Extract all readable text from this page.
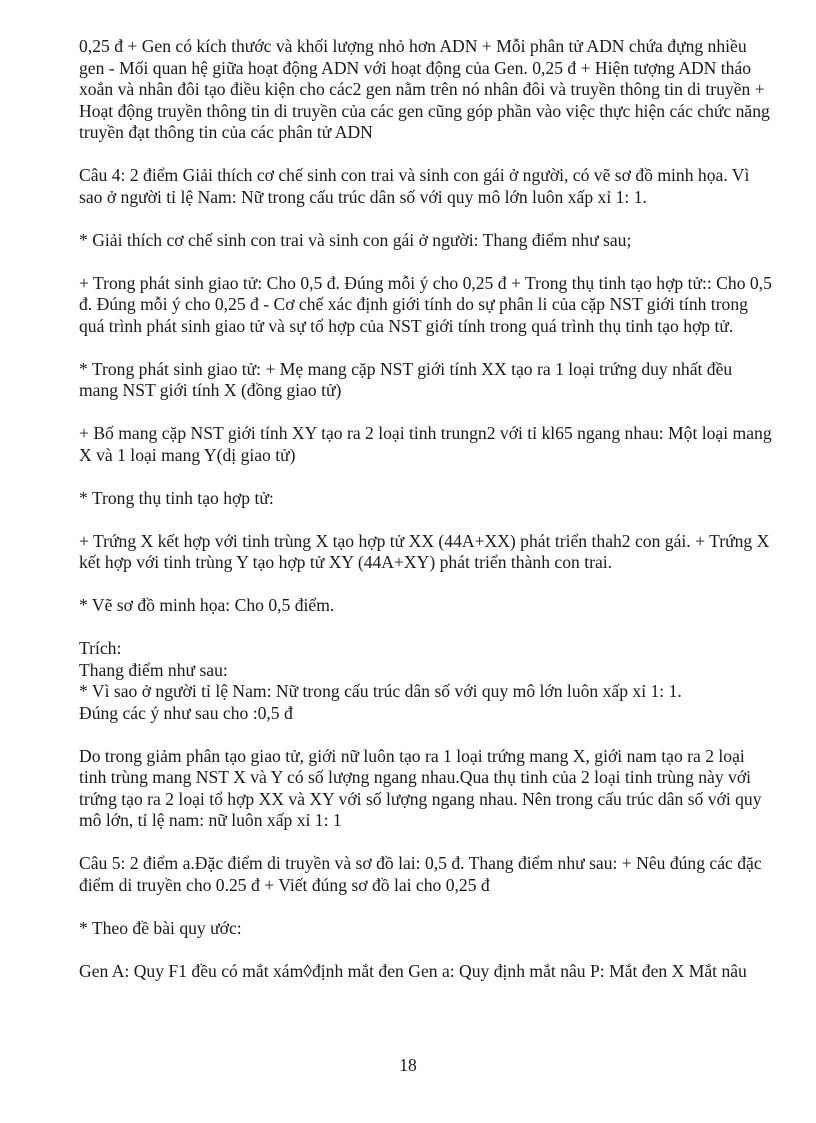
0,25 đ + Gen có kích thước và khối lượng nhỏ hơn ADN + Mỗi phân tử ADN chứa đựng nhiều gen - Mối quan hệ giữa hoạt động ADN với hoạt động của Gen. 0,25 đ + Hiện tượng ADN tháo xoắn và nhân đôi tạo điều kiện cho các2 gen nằm trên nó nhân đôi và truyền thông tin di truyền + Hoạt động truyền thông tin di truyền của các gen cũng góp phần vào việc thực hiện các chức năng truyền đạt thông tin của các phân tử ADN

Câu 4: 2 điểm Giải thích cơ chế sinh con trai và sinh con gái ở người, có vẽ sơ đồ minh họa. Vì sao ở người tỉ lệ Nam: Nữ trong cấu trúc dân số với quy mô lớn luôn xấp xỉ 1: 1.

* Giải thích cơ chế sinh con trai và sinh con gái ở người: Thang điểm như sau;

+ Trong phát sinh giao tử: Cho 0,5 đ. Đúng mỗi ý cho 0,25 đ + Trong thụ tinh tạo hợp tử:: Cho 0,5 đ. Đúng mỗi ý cho 0,25 đ - Cơ chế xác định giới tính do sự phân li của cặp NST giới tính trong quá trình phát sinh giao tử và sự tổ hợp của NST giới tính trong quá trình thụ tinh tạo hợp tử.

* Trong phát sinh giao tử: + Mẹ mang cặp NST giới tính XX tạo ra 1 loại trứng duy nhất đều mang NST giới tính X (đồng giao tử)

+ Bố mang cặp NST giới tính XY tạo ra 2 loại tinh trungn2 với tỉ kl65 ngang nhau: Một loại mang X và 1 loại mang Y(dị giao tử)

* Trong thụ tinh tạo hợp tử:

+ Trứng X kết hợp với tinh trùng X tạo hợp tử XX (44A+XX) phát triển thah2 con gái. + Trứng X kết hợp với tinh trùng Y tạo hợp tử XY (44A+XY) phát triển thành con trai.

* Vẽ sơ đồ minh họa: Cho 0,5 điểm.

Trích:
Thang điểm như sau:
* Vì sao ở người tỉ lệ Nam: Nữ trong cấu trúc dân số với quy mô lớn luôn xấp xỉ 1: 1.
Đúng các ý như sau cho :0,5 đ

Do trong giảm phân tạo giao tử, giới nữ luôn tạo ra 1 loại trứng mang X, giới nam tạo ra 2 loại tinh trùng mang NST X và Y có số lượng ngang nhau.Qua thụ tinh của 2 loại tinh trùng này với trứng tạo ra 2 loại tổ hợp XX và XY với số lượng ngang nhau. Nên trong cấu trúc dân số với quy mô lớn, tỉ lệ nam: nữ luôn xấp xỉ 1: 1

Câu 5: 2 điểm a.Đặc điểm di truyền và sơ đồ lai: 0,5 đ. Thang điểm như sau: + Nêu đúng các đặc điểm di truyền cho 0.25 đ + Viết đúng sơ đồ lai cho 0,25 đ

* Theo đề bài quy ước:

Gen A: Quy F1 đều có mắt xám◊định mắt đen Gen a: Quy định mắt nâu P: Mắt đen X Mắt nâu

18
